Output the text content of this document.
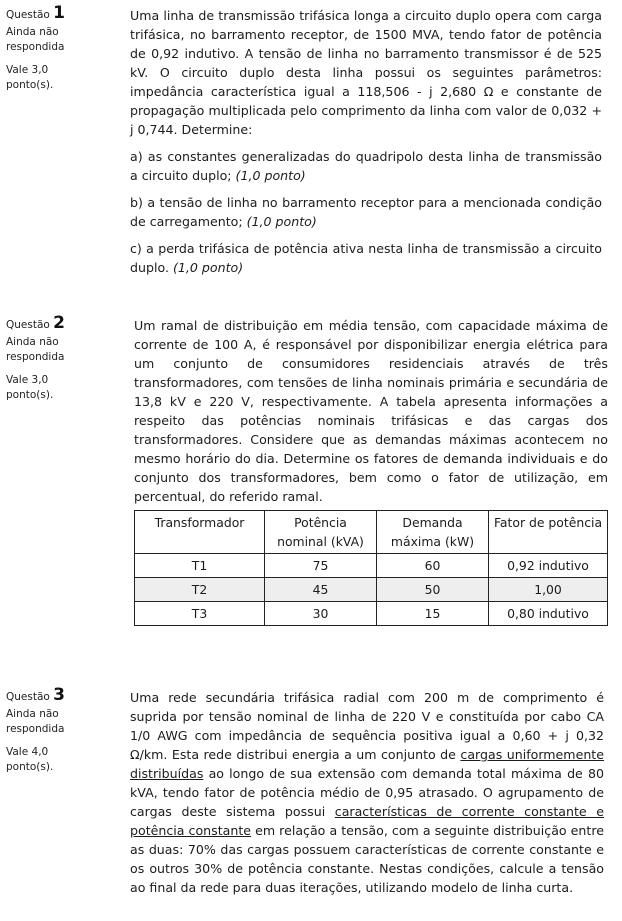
Questão 1
Ainda não respondida
Vale 3,0 ponto(s).

Uma linha de transmissão trifásica longa a circuito duplo opera com carga trifásica, no barramento receptor, de 1500 MVA, tendo fator de potência de 0,92 indutivo. A tensão de linha no barramento transmissor é de 525 kV. O circuito duplo desta linha possui os seguintes parâmetros: impedância característica igual a 118,506 - j 2,680 Ω e constante de propagação multiplicada pelo comprimento da linha com valor de 0,032 + j 0,744. Determine:

a) as constantes generalizadas do quadripolo desta linha de transmissão a circuito duplo; (1,0 ponto)

b) a tensão de linha no barramento receptor para a mencionada condição de carregamento; (1,0 ponto)

c) a perda trifásica de potência ativa nesta linha de transmissão a circuito duplo. (1,0 ponto)

Questão 2
Ainda não respondida
Vale 3,0 ponto(s).

Um ramal de distribuição em média tensão, com capacidade máxima de corrente de 100 A, é responsável por disponibilizar energia elétrica para um conjunto de consumidores residenciais através de três transformadores, com tensões de linha nominais primária e secundária de 13,8 kV e 220 V, respectivamente. A tabela apresenta informações a respeito das potências nominais trifásicas e das cargas dos transformadores. Considere que as demandas máximas acontecem no mesmo horário do dia. Determine os fatores de demanda individuais e do conjunto dos transformadores, bem como o fator de utilização, em percentual, do referido ramal.

Transformador	Potência nominal (kVA)	Demanda máxima (kW)	Fator de potência
T1	75	60	0,92 indutivo
T2	45	50	1,00
T3	30	15	0,80 indutivo
Questão 3
Ainda não respondida
Vale 4,0 ponto(s).

Uma rede secundária trifásica radial com 200 m de comprimento é suprida por tensão nominal de linha de 220 V e constituída por cabo CA 1/0 AWG com impedância de sequência positiva igual a 0,60 + j 0,32 Ω/km. Esta rede distribui energia a um conjunto de cargas uniformemente distribuídas ao longo de sua extensão com demanda total máxima de 80 kVA, tendo fator de potência médio de 0,95 atrasado. O agrupamento de cargas deste sistema possui características de corrente constante e potência constante em relação a tensão, com a seguinte distribuição entre as duas: 70% das cargas possuem características de corrente constante e os outros 30% de potência constante. Nestas condições, calcule a tensão ao final da rede para duas iterações, utilizando modelo de linha curta.
